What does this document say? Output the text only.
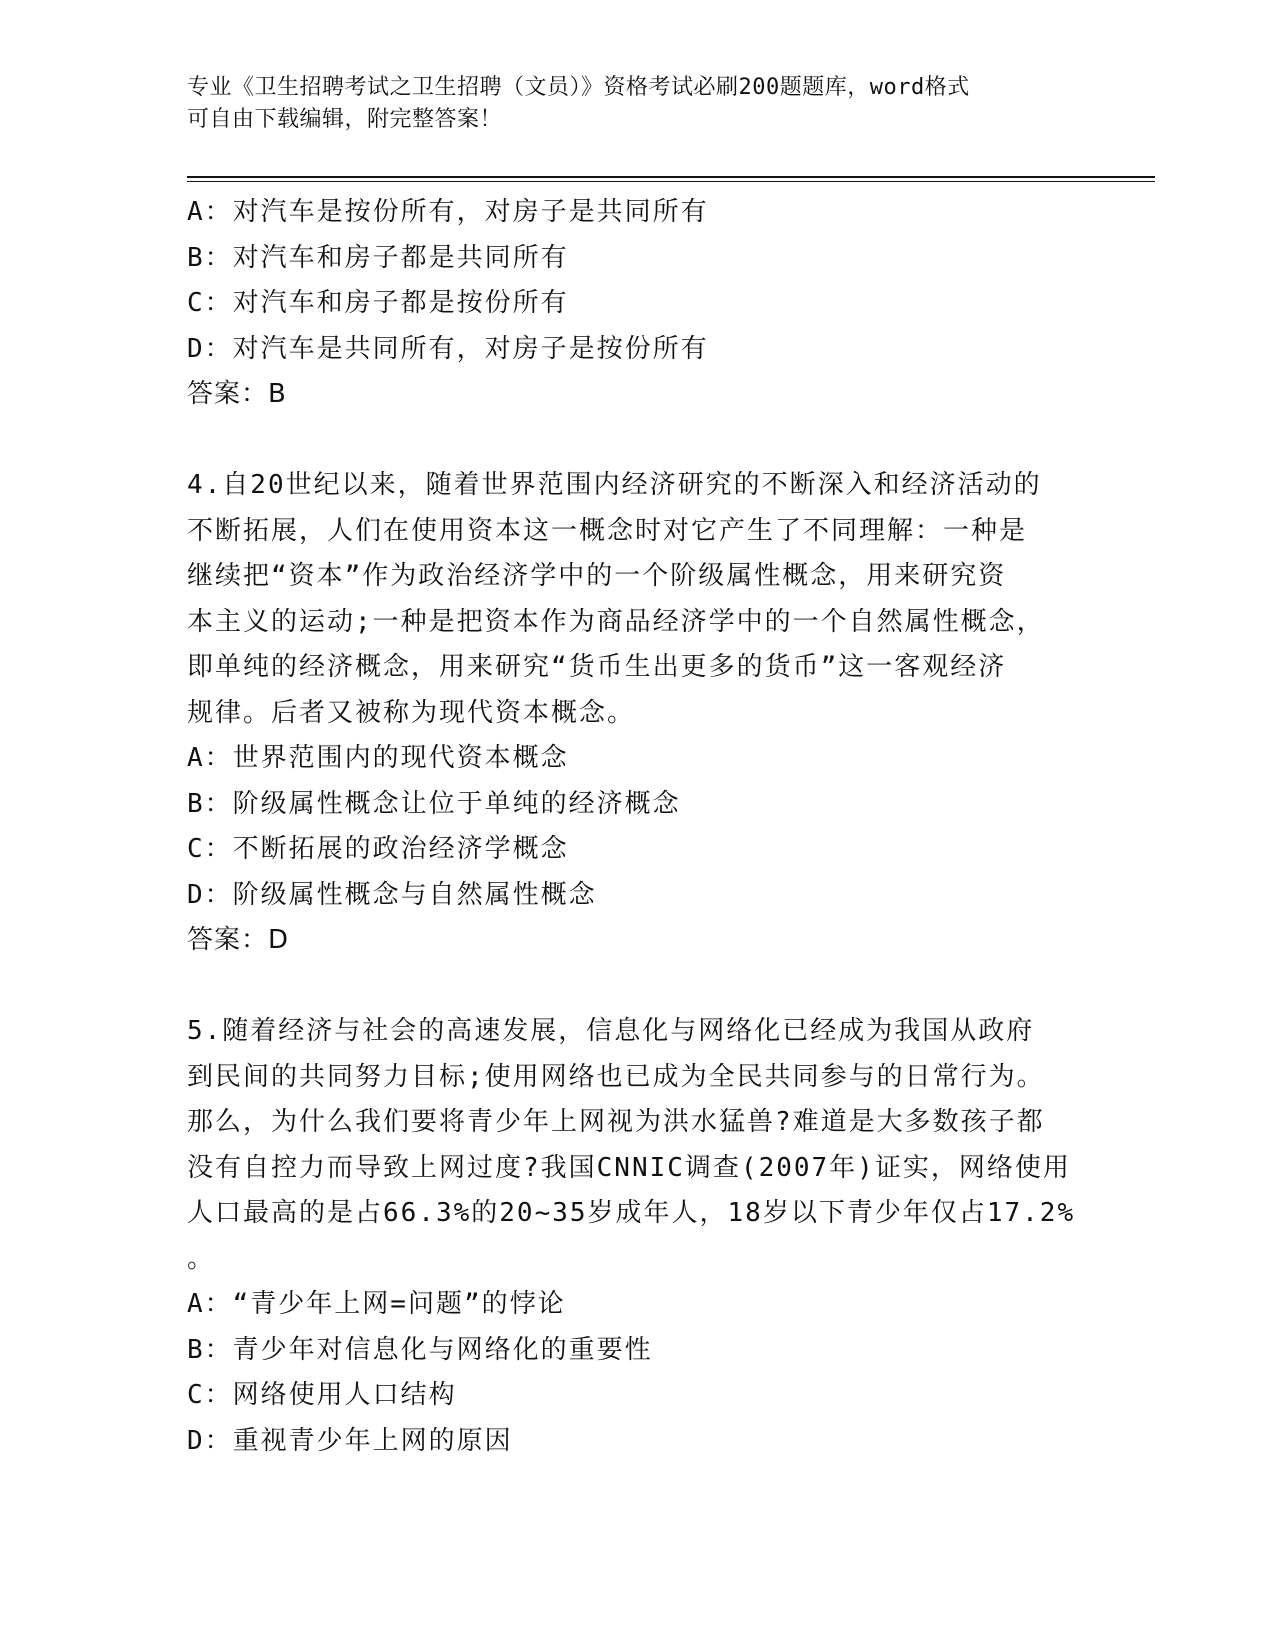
专业《卫生招聘考试之卫生招聘（文员）》资格考试必刷200题题库，word格式
可自由下载编辑，附完整答案！
A：对汽车是按份所有，对房子是共同所有
B：对汽车和房子都是共同所有
C：对汽车和房子都是按份所有
D：对汽车是共同所有，对房子是按份所有
答案：B
4.自20世纪以来，随着世界范围内经济研究的不断深入和经济活动的
不断拓展，人们在使用资本这一概念时对它产生了不同理解：一种是
继续把“资本”作为政治经济学中的一个阶级属性概念，用来研究资
本主义的运动;一种是把资本作为商品经济学中的一个自然属性概念，
即单纯的经济概念，用来研究“货币生出更多的货币”这一客观经济
规律。后者又被称为现代资本概念。
A：世界范围内的现代资本概念
B：阶级属性概念让位于单纯的经济概念
C：不断拓展的政治经济学概念
D：阶级属性概念与自然属性概念
答案：D
5.随着经济与社会的高速发展，信息化与网络化已经成为我国从政府
到民间的共同努力目标;使用网络也已成为全民共同参与的日常行为。
那么，为什么我们要将青少年上网视为洪水猛兽?难道是大多数孩子都
没有自控力而导致上网过度?我国CNNIC调查(2007年)证实，网络使用
人口最高的是占66.3%的20~35岁成年人，18岁以下青少年仅占17.2%
。
A：“青少年上网=问题”的悖论
B：青少年对信息化与网络化的重要性
C：网络使用人口结构
D：重视青少年上网的原因
